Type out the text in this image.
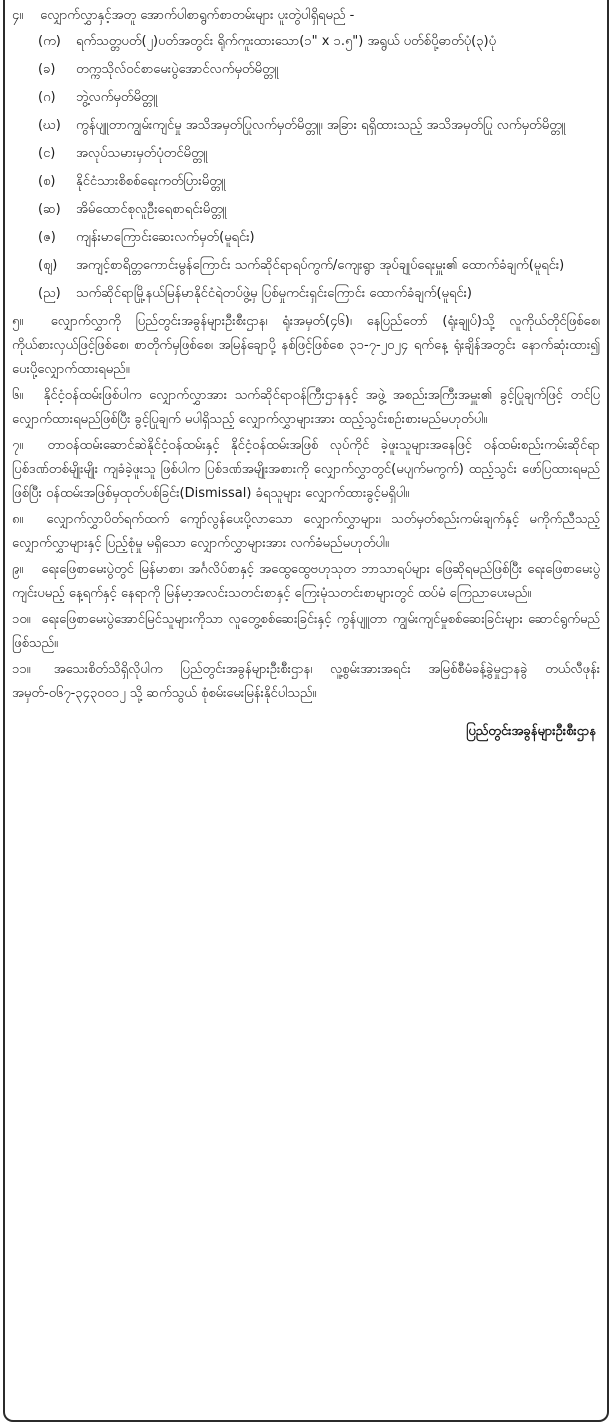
၄။ လျှောက်လွှာနှင့်အတူ အောက်ပါစာရွက်စာတမ်းများ ပူးတွဲပါရှိရမည် -

(က)	ရက်သတ္တပတ်(၂)ပတ်အတွင်း ရိုက်ကူးထားသော(၁" x ၁.၅") အရွယ် ပတ်စ်ပို့ဓာတ်ပုံ(၃)ပုံ
(ခ)	တက္ကသိုလ်ဝင်စာမေးပွဲအောင်လက်မှတ်မိတ္တူ
(ဂ)	ဘွဲ့လက်မှတ်မိတ္တူ
(ဃ)	ကွန်ပျူတာကျွမ်းကျင်မှု အသိအမှတ်ပြုလက်မှတ်မိတ္တူ၊ အခြား ရရှိထားသည့် အသိအမှတ်ပြု လက်မှတ်မိတ္တူ
(င)	အလုပ်သမားမှတ်ပုံတင်မိတ္တူ
(စ)	နိုင်ငံသားစိစစ်ရေးကတ်ပြားမိတ္တူ
(ဆ)	အိမ်ထောင်စုလူဦးရေစာရင်းမိတ္တူ
(ဇ)	ကျန်းမာကြောင်းဆေးလက်မှတ်(မူရင်း)
(ဈ)	အကျင့်စာရိတ္တကောင်းမွန်ကြောင်း သက်ဆိုင်ရာရပ်ကွက်/ကျေးရွာ အုပ်ချုပ်ရေးမှူး၏ ထောက်ခံချက်(မူရင်း)
(ည)	သက်ဆိုင်ရာမြို့နယ်မြန်မာနိုင်ငံရဲတပ်ဖွဲ့မှ ပြစ်မှုကင်းရှင်းကြောင်း ထောက်ခံချက်(မူရင်း)

၅။ လျှောက်လွှာကို ပြည်တွင်းအခွန်များဦးစီးဌာန၊ ရုံးအမှတ်(၄၆)၊ နေပြည်တော် (ရုံးချုပ်)သို့ လူကိုယ်တိုင်ဖြစ်စေ၊ ကိုယ်စားလှယ်ဖြင့်ဖြစ်စေ၊ စာတိုက်မှဖြစ်စေ၊ အမြန်ချောပို့ နစ်ဖြင့်ဖြစ်စေ ၃၁-၇-၂၀၂၄ ရက်နေ့ ရုံးချိန်အတွင်း နောက်ဆုံးထား၍ ပေးပို့လျှောက်ထားရမည်။

၆။ နိုင်ငံ့ဝန်ထမ်းဖြစ်ပါက လျှောက်လွှာအား သက်ဆိုင်ရာဝန်ကြီးဌာနနှင့် အဖွဲ့ အစည်းအကြီးအမှူး၏ ခွင့်ပြုချက်ဖြင့် တင်ပြလျှောက်ထားရမည်ဖြစ်ပြီး ခွင့်ပြုချက် မပါရှိသည့် လျှောက်လွှာများအား ထည့်သွင်းစဉ်းစားမည်မဟုတ်ပါ။

၇။ တာဝန်ထမ်းဆောင်ဆဲနိုင်ငံ့ဝန်ထမ်းနှင့် နိုင်ငံ့ဝန်ထမ်းအဖြစ် လုပ်ကိုင် ခဲ့ဖူးသူများအနေဖြင့် ဝန်ထမ်းစည်းကမ်းဆိုင်ရာ ပြစ်ဒဏ်တစ်မျိုးမျိုး ကျခံခဲ့ဖူးသူ ဖြစ်ပါက ပြစ်ဒဏ်အမျိုးအစားကို လျှောက်လွှာတွင်(မပျက်မကွက်) ထည့်သွင်း ဖော်ပြထားရမည်ဖြစ်ပြီး ဝန်ထမ်းအဖြစ်မှထုတ်ပစ်ခြင်း(Dismissal) ခံရသူများ လျှောက်ထားခွင့်မရှိပါ။

၈။ လျှောက်လွှာပိတ်ရက်ထက် ကျော်လွန်ပေးပို့လာသော လျှောက်လွှာများ၊ သတ်မှတ်စည်းကမ်းချက်နှင့် မကိုက်ညီသည့် လျှောက်လွှာများနှင့် ပြည့်စုံမှု မရှိသော လျှောက်လွှာများအား လက်ခံမည်မဟုတ်ပါ။

၉။ ရေးဖြေစာမေးပွဲတွင် မြန်မာစာ၊ အင်္ဂလိပ်စာနှင့် အထွေထွေဗဟုသုတ ဘာသာရပ်များ ဖြေဆိုရမည်ဖြစ်ပြီး ရေးဖြေစာမေးပွဲကျင်းပမည့် နေ့ရက်နှင့် နေရာကို မြန်မာ့အလင်းသတင်းစာနှင့် ကြေးမုံသတင်းစာများတွင် ထပ်မံ ကြေညာပေးမည်။

၁၀။ ရေးဖြေစာမေးပွဲအောင်မြင်သူများကိုသာ လူတွေ့စစ်ဆေးခြင်းနှင့် ကွန်ပျူတာ ကျွမ်းကျင်မှုစစ်ဆေးခြင်းများ ဆောင်ရွက်မည်ဖြစ်သည်။

၁၁။ အသေးစိတ်သိရှိလိုပါက ပြည်တွင်းအခွန်များဦးစီးဌာန၊ လူ့စွမ်းအားအရင်း အမြစ်စီမံခန့်ခွဲမှုဌာနခွဲ တယ်လီဖုန်းအမှတ်-၀၆၇-၃၄၃၀၀၁၂ သို့ ဆက်သွယ် စုံစမ်းမေးမြန်းနိုင်ပါသည်။

ပြည်တွင်းအခွန်များဦးစီးဌာန
